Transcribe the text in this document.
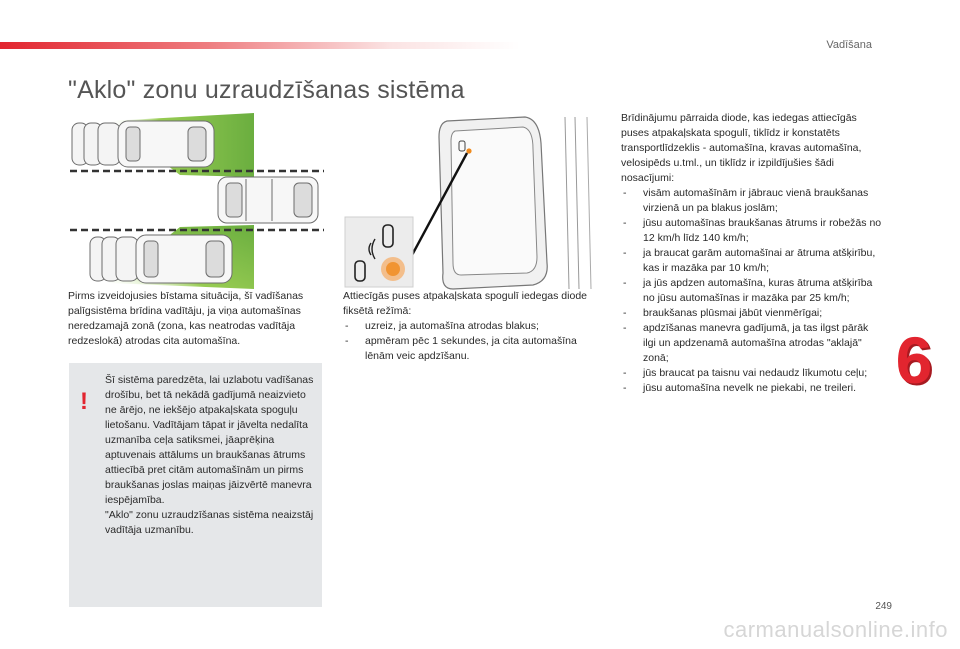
Vadīšana
"Aklo" zonu uzraudzīšanas sistēma

Pirms izveidojusies bīstama situācija, šī vadīšanas palīgsistēma brīdina vadītāju, ja viņa automašīnas neredzamajā zonā (zona, kas neatrodas vadītāja redzeslokā) atrodas cita automašīna.

!

Šī sistēma paredzēta, lai uzlabotu vadīšanas drošību, bet tā nekādā gadījumā neaizvieto ne ārējo, ne iekšējo atpakaļskata spoguļu lietošanu. Vadītājam tāpat ir jāvelta nedalīta uzmanība ceļa satiksmei, jāaprēķina aptuvenais attālums un braukšanas ātrums attiecībā pret citām automašīnām un pirms braukšanas joslas maiņas jāizvērtē manevra iespējamība.

"Aklo" zonu uzraudzīšanas sistēma neaizstāj vadītāja uzmanību.

Attiecīgās puses atpakaļskata spogulī iedegas diode fiksētā režīmā:

- uzreiz, ja automašīna atrodas blakus;
- apmēram pēc 1 sekundes, ja cita automašīna lēnām veic apdzīšanu.

Brīdinājumu pārraida diode, kas iedegas attiecīgās puses atpakaļskata spogulī, tiklīdz ir konstatēts transportlīdzeklis - automašīna, kravas automašīna, velosipēds u.tml., un tiklīdz ir izpildījušies šādi nosacījumi:

- visām automašīnām ir jābrauc vienā braukšanas virzienā un pa blakus joslām;
- jūsu automašīnas braukšanas ātrums ir robežās no 12 km/h līdz 140 km/h;
- ja braucat garām automašīnai ar ātruma atšķirību, kas ir mazāka par 10 km/h;
- ja jūs apdzen automašīna, kuras ātruma atšķirība no jūsu automašīnas ir mazāka par 25 km/h;
- braukšanas plūsmai jābūt vienmērīgai;
- apdzīšanas manevra gadījumā, ja tas ilgst pārāk ilgi un apdzenamā automašīna atrodas "aklajā" zonā;
- jūs braucat pa taisnu vai nedaudz līkumotu ceļu;
- jūsu automašīna nevelk ne piekabi, ne treileri. 6
249
carmanualsonline.info
